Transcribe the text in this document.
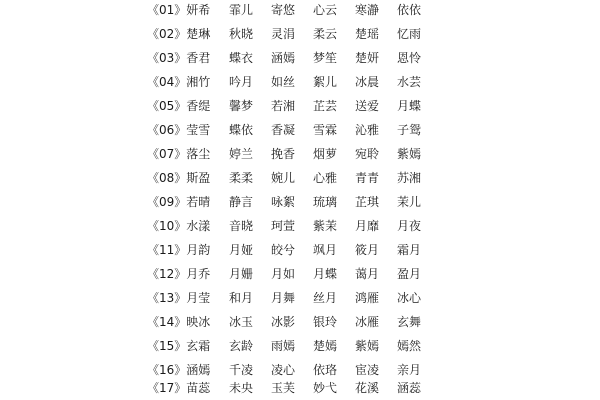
《01》妍希 霏儿 寄悠 心云 寒瀞 依依
《02》楚琳 秋晓 灵涓 柔云 楚瑶 忆雨
《03》香君 蝶衣 涵嫣 梦笙 楚妍 恩怜
《04》湘竹 吟月 如丝 絮儿 冰晨 水芸
《05》香缇 馨梦 若湘 芷芸 送爱 月蝶
《06》莹雪 蝶依 香凝 雪霖 沁雅 子鸳
《07》落尘 婷兰 挽香 烟萝 宛聆 紫嫣
《08》斯盈 柔柔 婉儿 心雅 青青 苏湘
《09》若晴 静言 咏絮 琉璃 芷琪 茉儿
《10》水漾 音晓 珂萱 紫茉 月靡 月夜
《11》月韵 月娅 皎兮 飒月 筱月 霜月
《12》月乔 月姗 月如 月蝶 蔼月 盈月
《13》月莹 和月 月舞 丝月 鸿雁 冰心
《14》映冰 冰玉 冰影 银玲 冰雁 玄舞
《15》玄霜 玄龄 雨嫣 楚嫣 紫嫣 嫣然
《16》涵嫣 千凌 凌心 依珞 宦凌 亲月
《17》苗蕊 未央 玉芙 妙弋 花溪 涵蕊
